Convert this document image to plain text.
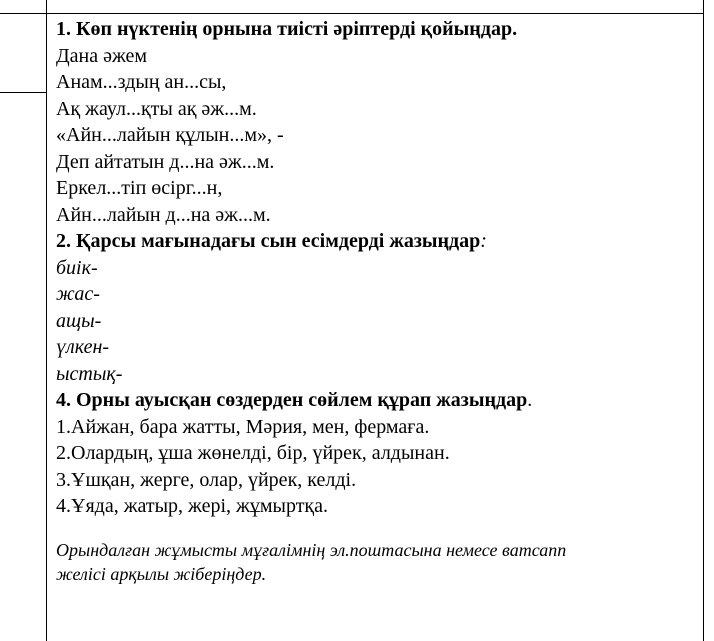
1. Көп нүктенің орнына тиісті әріптерді қойыңдар.
Дана әжем
Анам...здың ан...сы,
Ақ жаул...қты ақ әж...м.
«Айн...лайын құлын...м», -
Деп айтатын д...на әж...м.
Еркел...тіп өсірг...н,
Айн...лайын д...на әж...м.
2. Қарсы мағынадағы сын есімдерді жазыңдар:
биік-
жас-
ащы-
үлкен-
ыстық-
4. Орны ауысқан сөздерден сөйлем құрап жазыңдар.
1.Айжан, бара жатты, Мәрия, мен, фермаға.
2.Олардың, ұша жөнелді, бір, үйрек, алдынан.
3.Ұшқан, жерге, олар, үйрек, келді.
4.Ұяда, жатыр, жері, жұмыртқа.
Орындалған жұмысты мұғалімнің эл.поштасына немесе ватсапп
желісі арқылы жіберіңдер.
